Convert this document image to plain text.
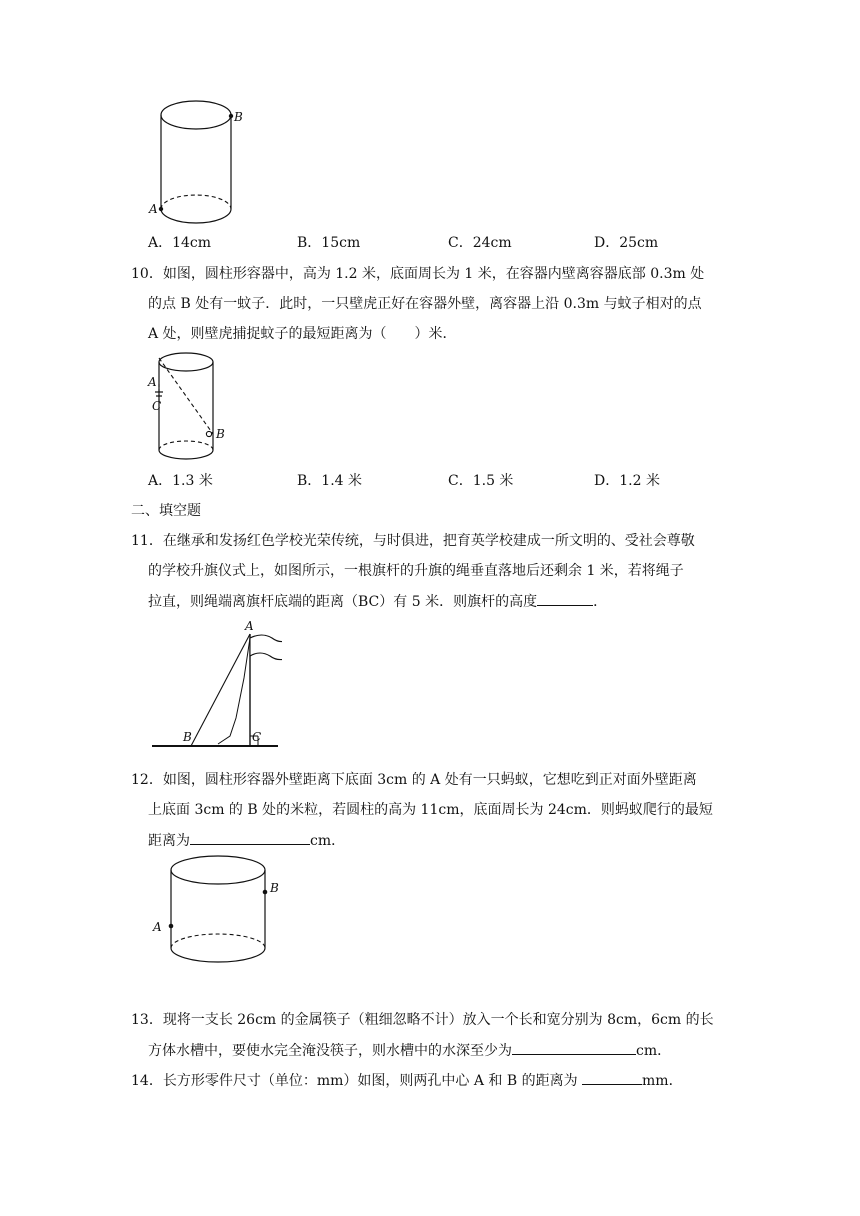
A
B
A．14cm	B．15cm	C．24cm	D．25cm
10．如图，圆柱形容器中，高为 1.2 米，底面周长为 1 米，在容器内壁离容器底部 0.3m 处
的点 B 处有一蚊子．此时，一只壁虎正好在容器外壁，离容器上沿 0.3m 与蚊子相对的点
A 处，则壁虎捕捉蚊子的最短距离为（　　）米．
A
C
B
A．1.3 米	B．1.4 米	C．1.5 米	D．1.2 米
二、填空题
11．在继承和发扬红色学校光荣传统，与时俱进，把育英学校建成一所文明的、受社会尊敬
的学校升旗仪式上，如图所示，一根旗杆的升旗的绳垂直落地后还剩余 1 米，若将绳子
拉直，则绳端离旗杆底端的距离（BC）有 5 米．则旗杆的高度	．
A
B	C
12．如图，圆柱形容器外壁距离下底面 3cm 的 A 处有一只蚂蚁，它想吃到正对面外壁距离
上底面 3cm 的 B 处的米粒，若圆柱的高为 11cm，底面周长为 24cm．则蚂蚁爬行的最短
距离为	cm．
A
B
13．现将一支长 26cm 的金属筷子（粗细忽略不计）放入一个长和宽分别为 8cm，6cm 的长
方体水槽中，要使水完全淹没筷子，则水槽中的水深至少为	cm．
14．长方形零件尺寸（单位：mm）如图，则两孔中心 A 和 B 的距离为	mm．
